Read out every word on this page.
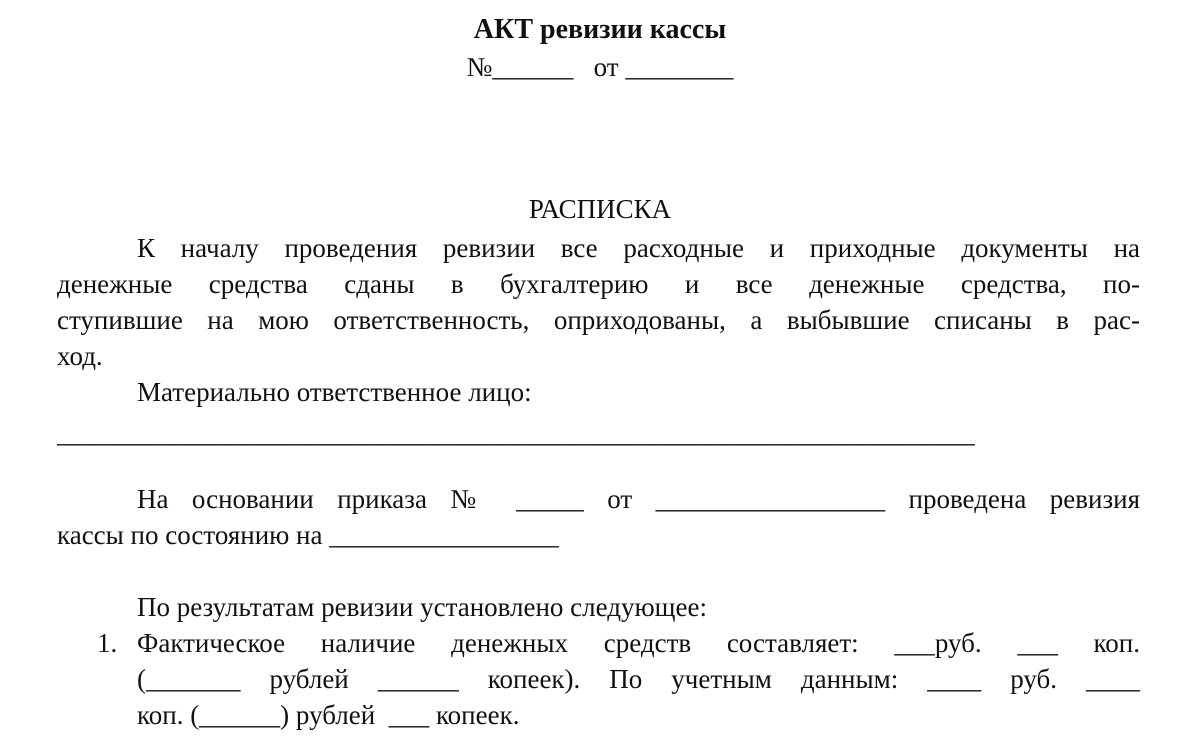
АКТ ревизии кассы
№______   от ________
РАСПИСКА
К началу проведения ревизии все расходные и приходные документы на
денежные средства сданы в бухгалтерию и все денежные средства, по-
ступившие на мою ответственность, оприходованы, а выбывшие списаны в рас-
ход.
Материально ответственное лицо:
___________________________________________________________________
На основании приказа № _____ от _________________ проведена ревизия
кассы по состоянию на _________________
По результатам ревизии установлено следующее:
1. Фактическое наличие денежных средств составляет: ___руб. ___ коп.
(_______ рублей ______ копеек). По учетным данным: ____ руб. ____
коп. (______) рублей  ___ копеек.
